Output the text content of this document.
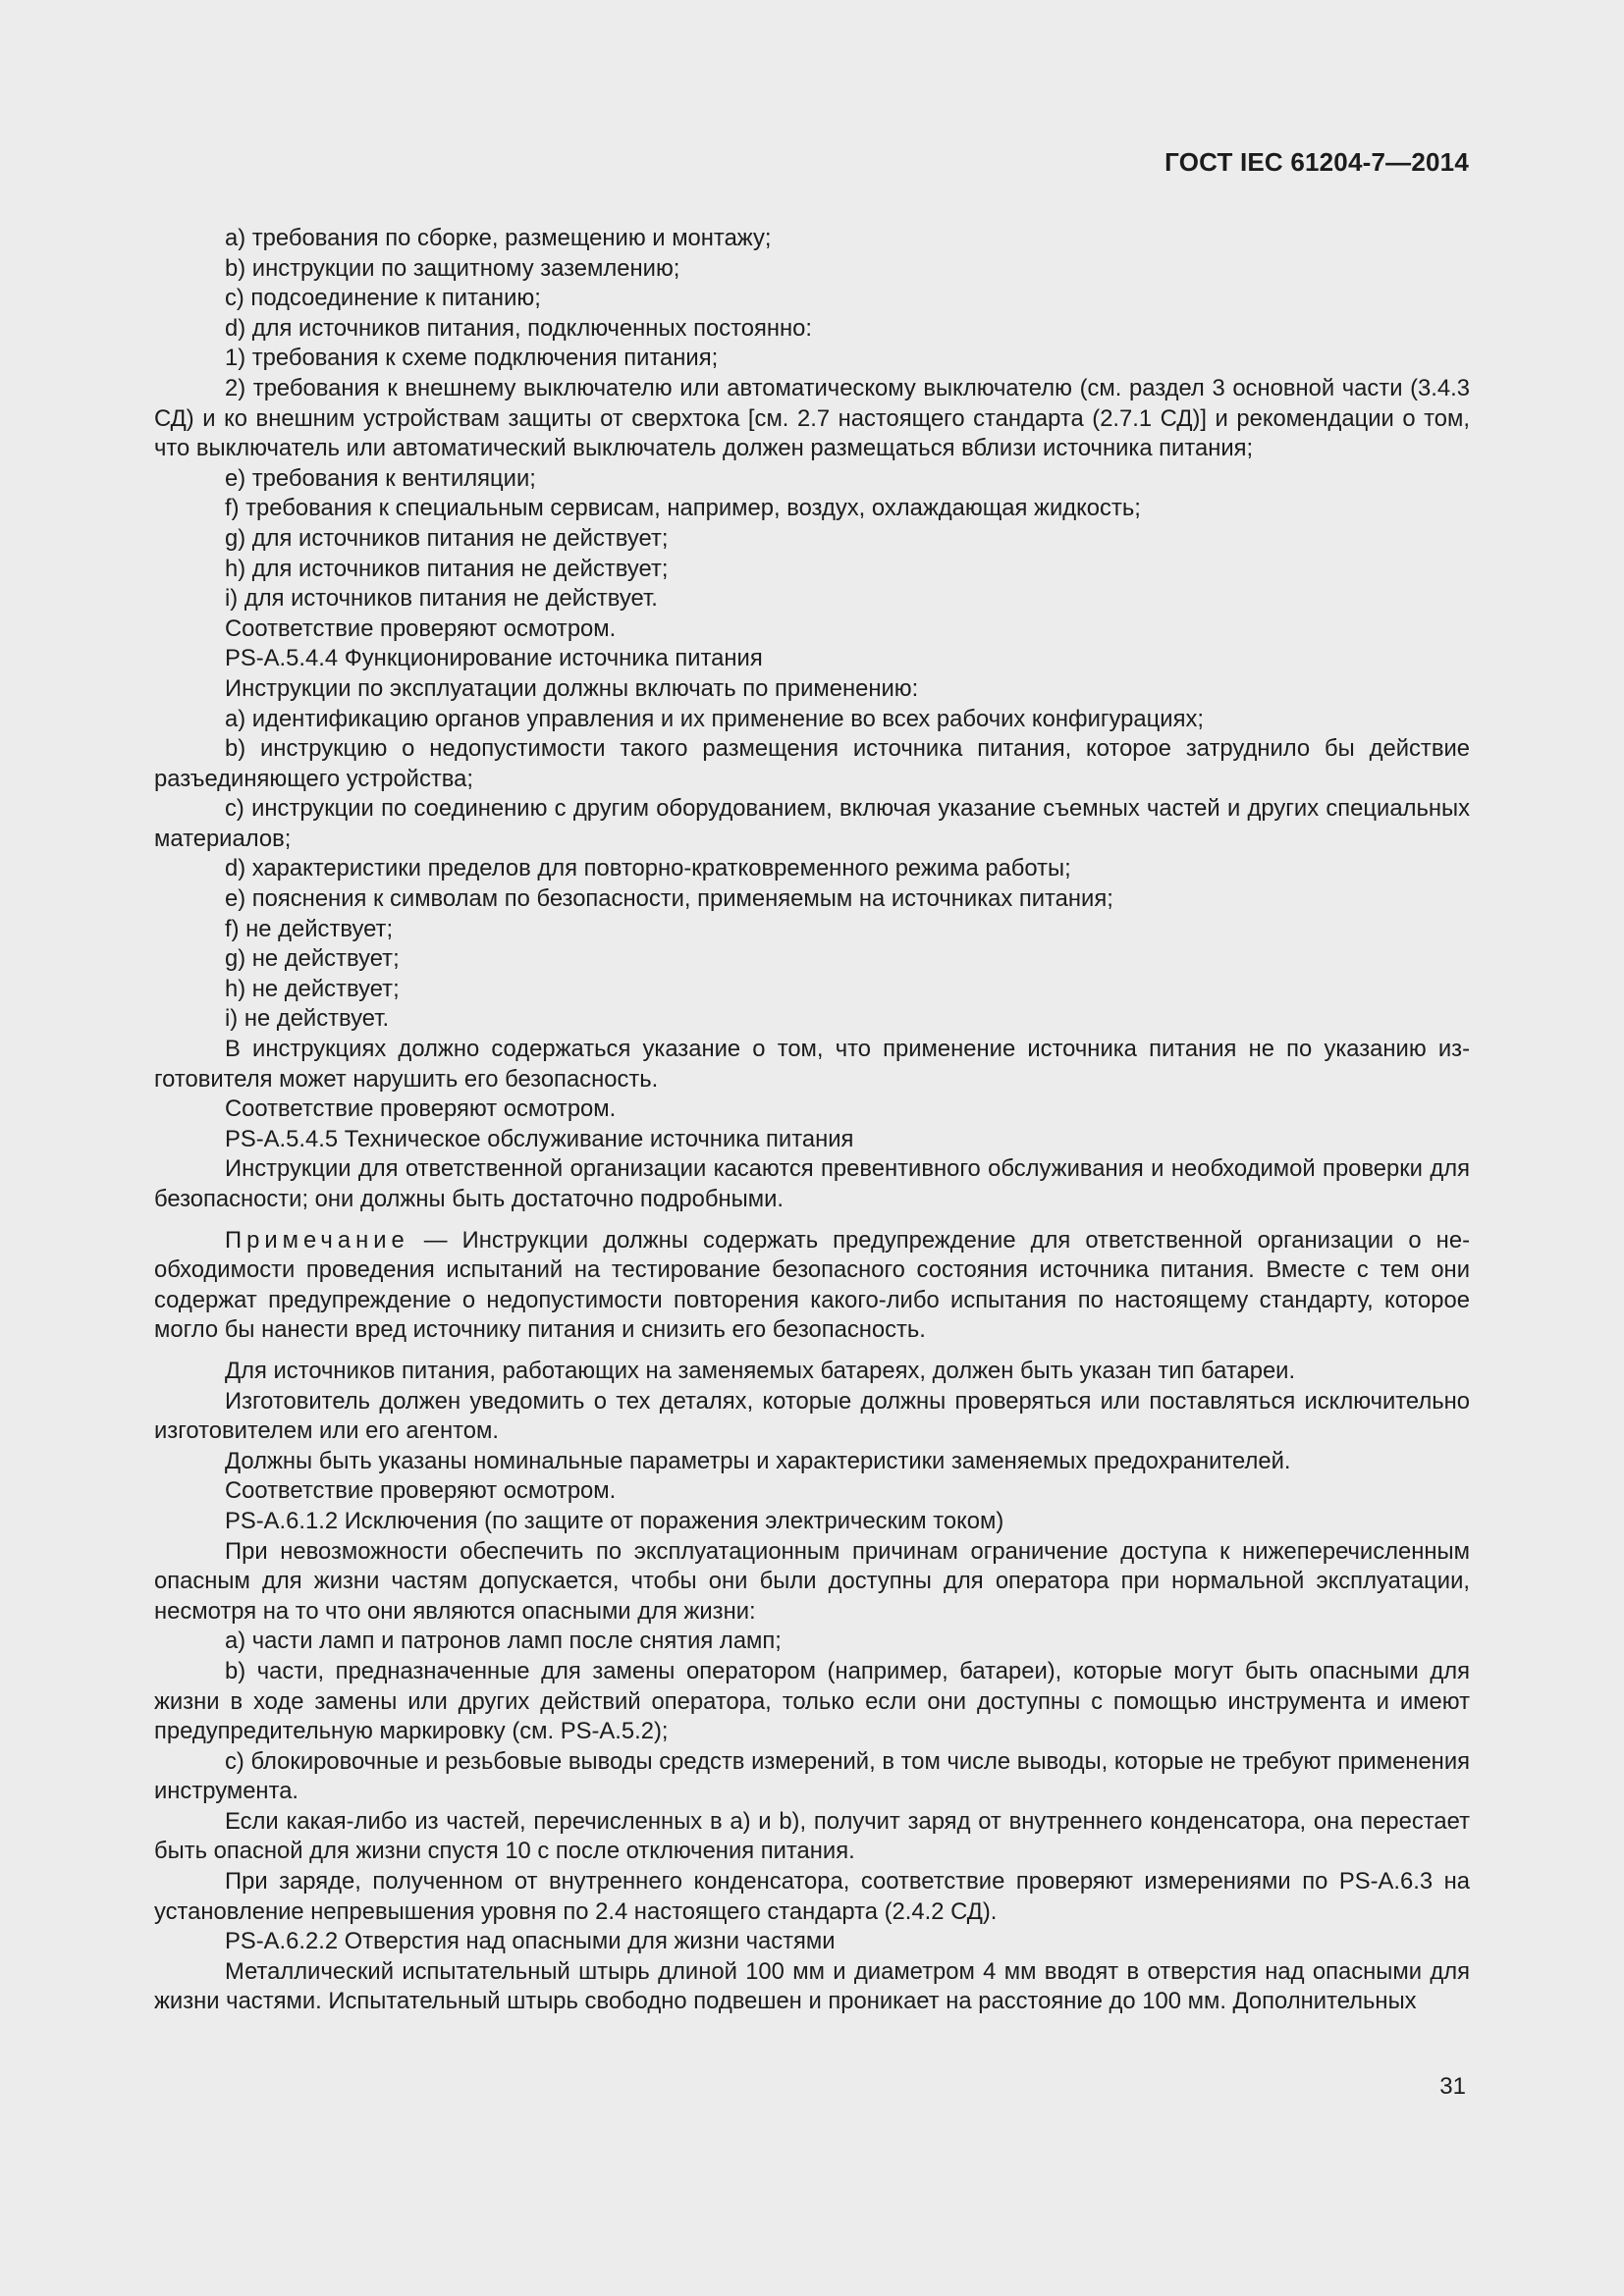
ГОСТ IEC 61204-7—2014

a) требования по сборке, размещению и монтажу;

b) инструкции по защитному заземлению;

c) подсоединение к питанию;

d) для источников питания, подключенных постоянно:

1) требования к схеме подключения питания;

2) требования к внешнему выключателю или автоматическому выключателю (см. раздел 3 основной части (3.4.3 СД) и ко внешним устройствам защиты от сверхтока [см. 2.7 настоящего стандарта (2.7.1 СД)] и рекомендации о том, что выключатель или автоматический выключатель должен размещаться вблизи источника питания;

e) требования к вентиляции;

f) требования к специальным сервисам, например, воздух, охлаждающая жидкость;

g) для источников питания не действует;

h) для источников питания не действует;

i) для источников питания не действует.

Соответствие проверяют осмотром.

PS-A.5.4.4 Функционирование источника питания

Инструкции по эксплуатации должны включать по применению:

a) идентификацию органов управления и их применение во всех рабочих конфигурациях;

b) инструкцию о недопустимости такого размещения источника питания, которое затруднило бы действие разъединяющего устройства;

c) инструкции по соединению с другим оборудованием, включая указание съемных частей и других специальных материалов;

d) характеристики пределов для повторно-кратковременного режима работы;

e) пояснения к символам по безопасности, применяемым на источниках питания;

f) не действует;

g) не действует;

h) не действует;

i) не действует.

В инструкциях должно содержаться указание о том, что применение источника питания не по указанию изготовителя может нарушить его безопасность.

Соответствие проверяют осмотром.

PS-A.5.4.5 Техническое обслуживание источника питания

Инструкции для ответственной организации касаются превентивного обслуживания и необходимой проверки для безопасности; они должны быть достаточно подробными.

Примечание — Инструкции должны содержать предупреждение для ответственной организации о необходимости проведения испытаний на тестирование безопасного состояния источника питания. Вместе с тем они содержат предупреждение о недопустимости повторения какого-либо испытания по настоящему стандарту, которое могло бы нанести вред источнику питания и снизить его безопасность.

Для источников питания, работающих на заменяемых батареях, должен быть указан тип батареи.

Изготовитель должен уведомить о тех деталях, которые должны проверяться или поставляться исключительно изготовителем или его агентом.

Должны быть указаны номинальные параметры и характеристики заменяемых предохранителей.

Соответствие проверяют осмотром.

PS-A.6.1.2 Исключения (по защите от поражения электрическим током)

При невозможности обеспечить по эксплуатационным причинам ограничение доступа к нижеперечисленным опасным для жизни частям допускается, чтобы они были доступны для оператора при нормальной эксплуатации, несмотря на то что они являются опасными для жизни:

a) части ламп и патронов ламп после снятия ламп;

b) части, предназначенные для замены оператором (например, батареи), которые могут быть опасными для жизни в ходе замены или других действий оператора, только если они доступны с помощью инструмента и имеют предупредительную маркировку (см. PS-A.5.2);

c) блокировочные и резьбовые выводы средств измерений, в том числе выводы, которые не требуют применения инструмента.

Если какая-либо из частей, перечисленных в a) и b), получит заряд от внутреннего конденсатора, она перестает быть опасной для жизни спустя 10 с после отключения питания.

При заряде, полученном от внутреннего конденсатора, соответствие проверяют измерениями по PS-A.6.3 на установление непревышения уровня по 2.4 настоящего стандарта (2.4.2 СД).

PS-A.6.2.2 Отверстия над опасными для жизни частями

Металлический испытательный штырь длиной 100 мм и диаметром 4 мм вводят в отверстия над опасными для жизни частями. Испытательный штырь свободно подвешен и проникает на расстояние до 100 мм. Дополнительных

31
